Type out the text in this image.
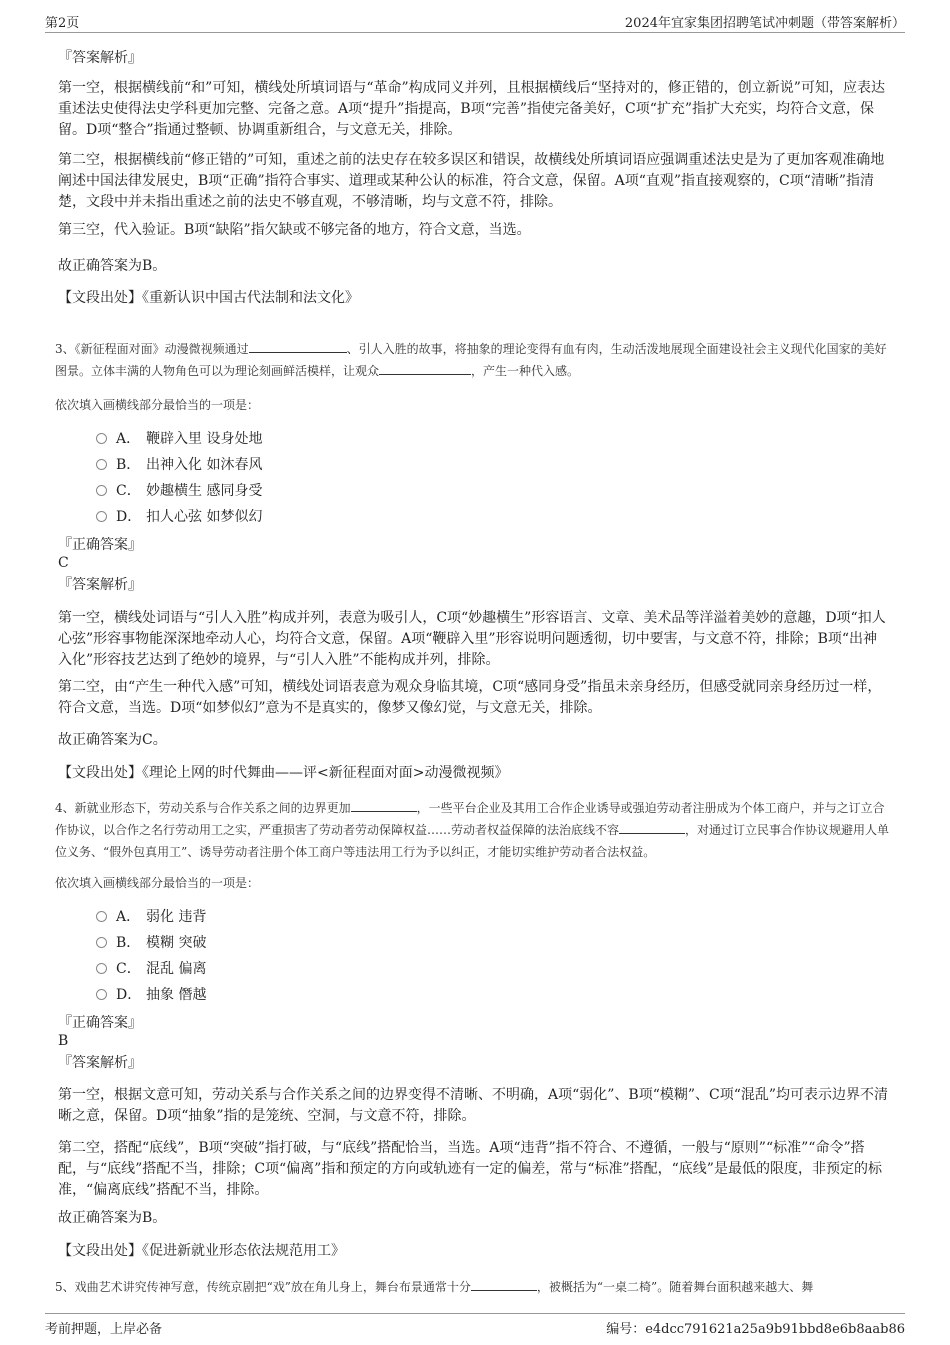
第2页	2024年宜家集团招聘笔试冲刺题（带答案解析）
『答案解析』
第一空，根据横线前“和”可知，横线处所填词语与“革命”构成同义并列，且根据横线后“坚持对的，修正错的，创立新说”可知，应表达重述法史使得法史学科更加完整、完备之意。A项“提升”指提高，B项“完善”指使完备美好，C项“扩充”指扩大充实，均符合文意，保留。D项“整合”指通过整顿、协调重新组合，与文意无关，排除。
第二空，根据横线前“修正错的”可知，重述之前的法史存在较多误区和错误，故横线处所填词语应强调重述法史是为了更加客观准确地阐述中国法律发展史，B项“正确”指符合事实、道理或某种公认的标准，符合文意，保留。A项“直观”指直接观察的，C项“清晰”指清楚，文段中并未指出重述之前的法史不够直观，不够清晰，均与文意不符，排除。
第三空，代入验证。B项“缺陷”指欠缺或不够完备的地方，符合文意，当选。
故正确答案为B。
【文段出处】《重新认识中国古代法制和法文化》
3、《新征程面对面》动漫微视频通过	、引人入胜的故事，将抽象的理论变得有血有肉，生动活泼地展现全面建设社会主义现代化国家的美好图景。立体丰满的人物角色可以为理论刻画鲜活模样，让观众	，产生一种代入感。
依次填入画横线部分最恰当的一项是：
A． 鞭辟入里 设身处地
B． 出神入化 如沐春风
C． 妙趣横生 感同身受
D． 扣人心弦 如梦似幻
『正确答案』
C
『答案解析』
第一空，横线处词语与“引人入胜”构成并列，表意为吸引人，C项“妙趣横生”形容语言、文章、美术品等洋溢着美妙的意趣，D项“扣人心弦”形容事物能深深地牵动人心，均符合文意，保留。A项“鞭辟入里”形容说明问题透彻，切中要害，与文意不符，排除；B项“出神入化”形容技艺达到了绝妙的境界，与“引人入胜”不能构成并列，排除。
第二空，由“产生一种代入感”可知，横线处词语表意为观众身临其境，C项“感同身受”指虽未亲身经历，但感受就同亲身经历过一样，符合文意，当选。D项“如梦似幻”意为不是真实的，像梦又像幻觉，与文意无关，排除。
故正确答案为C。
【文段出处】《理论上网的时代舞曲——评<新征程面对面>动漫微视频》
4、新就业形态下，劳动关系与合作关系之间的边界更加	，一些平台企业及其用工合作企业诱导或强迫劳动者注册成为个体工商户，并与之订立合作协议，以合作之名行劳动用工之实，严重损害了劳动者劳动保障权益……劳动者权益保障的法治底线不容	，对通过订立民事合作协议规避用人单位义务、“假外包真用工”、诱导劳动者注册个体工商户等违法用工行为予以纠正，才能切实维护劳动者合法权益。
依次填入画横线部分最恰当的一项是：
A． 弱化 违背
B． 模糊 突破
C． 混乱 偏离
D． 抽象 僭越
『正确答案』
B
『答案解析』
第一空，根据文意可知，劳动关系与合作关系之间的边界变得不清晰、不明确，A项“弱化”、B项“模糊”、C项“混乱”均可表示边界不清晰之意，保留。D项“抽象”指的是笼统、空洞，与文意不符，排除。
第二空，搭配“底线”，B项“突破”指打破，与“底线”搭配恰当，当选。A项“违背”指不符合、不遵循，一般与“原则”“标准”“命令”搭配，与“底线”搭配不当，排除；C项“偏离”指和预定的方向或轨迹有一定的偏差，常与“标准”搭配，“底线”是最低的限度，非预定的标准，“偏离底线”搭配不当，排除。
故正确答案为B。
【文段出处】《促进新就业形态依法规范用工》
5、戏曲艺术讲究传神写意，传统京剧把“戏”放在角儿身上，舞台布景通常十分	，被概括为“一桌二椅”。随着舞台面积越来越大、舞
考前押题，上岸必备	编号：e4dcc791621a25a9b91bbd8e6b8aab86
